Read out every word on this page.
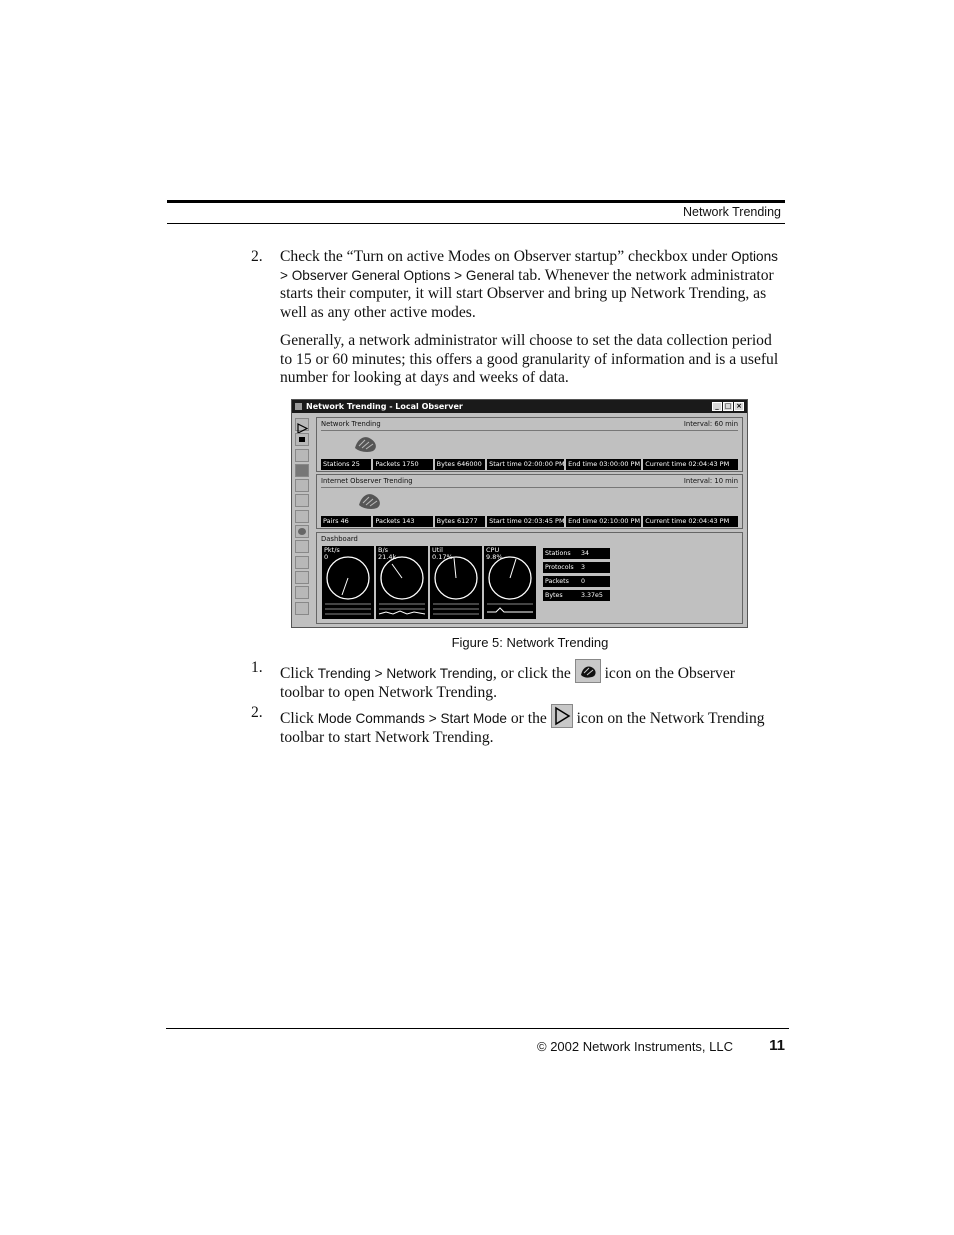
Network Trending
2. Check the “Turn on active Modes on Observer startup” checkbox under Options > Observer General Options > General tab. Whenever the network administrator starts their computer, it will start Observer and bring up Network Trending, as well as any other active modes.
Generally, a network administrator will choose to set the data collection period to 15 or 60 minutes; this offers a good granularity of information and is a useful number for looking at days and weeks of data.
Network Trending - Local Observer	_ □ ×
Network Trending	Interval: 60 min
Stations 25	Packets 1750	Bytes 646000	Start time 02:00:00 PM End time 03:00:00 PM Current time 02:04:43 PM
Internet Observer Trending	Interval: 10 min
Pairs 46	Packets 143	Bytes 61277	Start time 02:03:45 PM End time 02:10:00 PM Current time 02:04:43 PM
Dashboard
Pkt/s
0
B/s
21.4k
Util
0.17%
CPU
9.8%	Stations 34
Protocols 3
Packets 0
Bytes	3.37e5
Figure 5: Network Trending
1. Click Trending > Network Trending, or click the
icon on the Observer toolbar to open Network Trending.
2. Click Mode Commands > Start Mode or the
icon on the Network Trending toolbar to start Network Trending.
© 2002 Network Instruments, LLC	11
